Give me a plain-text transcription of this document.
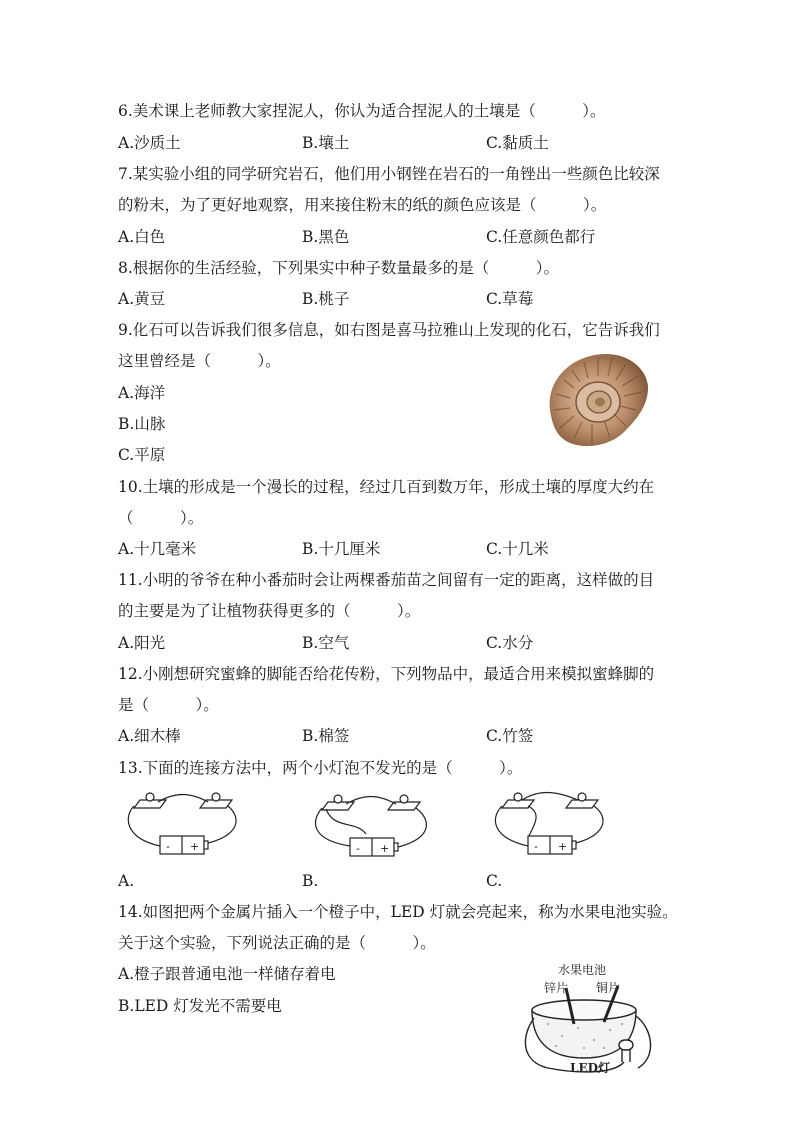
6.美术课上老师教大家捏泥人，你认为适合捏泥人的土壤是（　　　）。
A.沙质土	B.壤土	C.黏质土
7.某实验小组的同学研究岩石，他们用小钢锉在岩石的一角锉出一些颜色比较深
的粉末，为了更好地观察，用来接住粉末的纸的颜色应该是（　　　）。
A.白色	B.黑色	C.任意颜色都行
8.根据你的生活经验，下列果实中种子数量最多的是（　　　）。
A.黄豆	B.桃子	C.草莓
9.化石可以告诉我们很多信息，如右图是喜马拉雅山上发现的化石，它告诉我们
这里曾经是（　　　）。
A.海洋
B.山脉
C.平原
10.土壤的形成是一个漫长的过程，经过几百到数万年，形成土壤的厚度大约在
（　　　）。
A.十几毫米	B.十几厘米	C.十几米
11.小明的爷爷在种小番茄时会让两棵番茄苗之间留有一定的距离，这样做的目
的主要是为了让植物获得更多的（　　　）。
A.阳光	B.空气	C.水分
12.小刚想研究蜜蜂的脚能否给花传粉，下列物品中，最适合用来模拟蜜蜂脚的
是（　　　）。
A.细木棒	B.棉签	C.竹签
13.下面的连接方法中，两个小灯泡不发光的是（　　　）。
- +	- +	- +
A.	B.	C.
14.如图把两个金属片插入一个橙子中，LED 灯就会亮起来，称为水果电池实验。
关于这个实验，下列说法正确的是（　　　）。
A.橙子跟普通电池一样储存着电
B.LED 灯发光不需要电
水果电池
锌片 铜片
LED灯
